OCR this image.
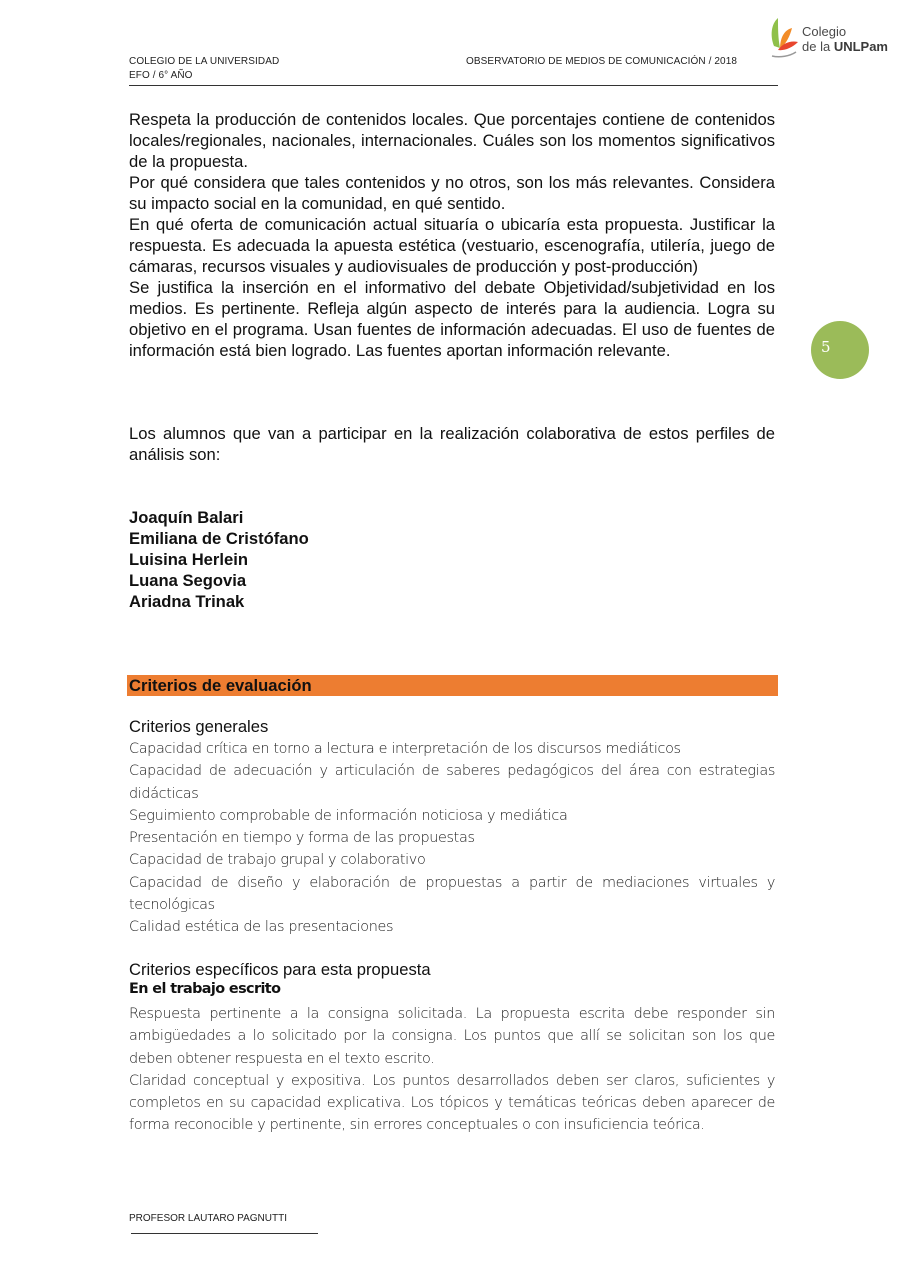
COLEGIO DE LA UNIVERSIDAD
EFO / 6° AÑO
OBSERVATORIO DE MEDIOS DE COMUNICACIÓN / 2018
Colegio
de la UNLPam
5

Respeta la producción de contenidos locales. Que porcentajes contiene de contenidos locales/regionales, nacionales, internacionales. Cuáles son los momentos significativos de la propuesta.

Por qué considera que tales contenidos y no otros, son los más relevantes. Considera su impacto social en la comunidad, en qué sentido.

En qué oferta de comunicación actual situaría o ubicaría esta propuesta. Justificar la respuesta. Es adecuada la apuesta estética (vestuario, escenografía, utilería, juego de cámaras, recursos visuales y audiovisuales de producción y post-producción)

Se justifica la inserción en el informativo del debate Objetividad/subjetividad en los medios. Es pertinente. Refleja algún aspecto de interés para la audiencia. Logra su objetivo en el programa. Usan fuentes de información adecuadas. El uso de fuentes de información está bien logrado. Las fuentes aportan información relevante.

Los alumnos que van a participar en la realización colaborativa de estos perfiles de análisis son:

Joaquín Balari
Emiliana de Cristófano
Luisina Herlein
Luana Segovia
Ariadna Trinak
Criterios de evaluación
Criterios generales
Capacidad crítica en torno a lectura e interpretación de los discursos mediáticos
Capacidad de adecuación y articulación de saberes pedagógicos del área con estrategias didácticas
Seguimiento comprobable de información noticiosa y mediática
Presentación en tiempo y forma de las propuestas
Capacidad de trabajo grupal y colaborativo
Capacidad de diseño y elaboración de propuestas a partir de mediaciones virtuales y tecnológicas
Calidad estética de las presentaciones
Criterios específicos para esta propuesta
En el trabajo escrito
Respuesta pertinente a la consigna solicitada. La propuesta escrita debe responder sin ambigüedades a lo solicitado por la consigna. Los puntos que allí se solicitan son los que deben obtener respuesta en el texto escrito.
Claridad conceptual y expositiva. Los puntos desarrollados deben ser claros, suficientes y completos en su capacidad explicativa. Los tópicos y temáticas teóricas deben aparecer de forma reconocible y pertinente, sin errores conceptuales o con insuficiencia teórica.
PROFESOR LAUTARO PAGNUTTI
